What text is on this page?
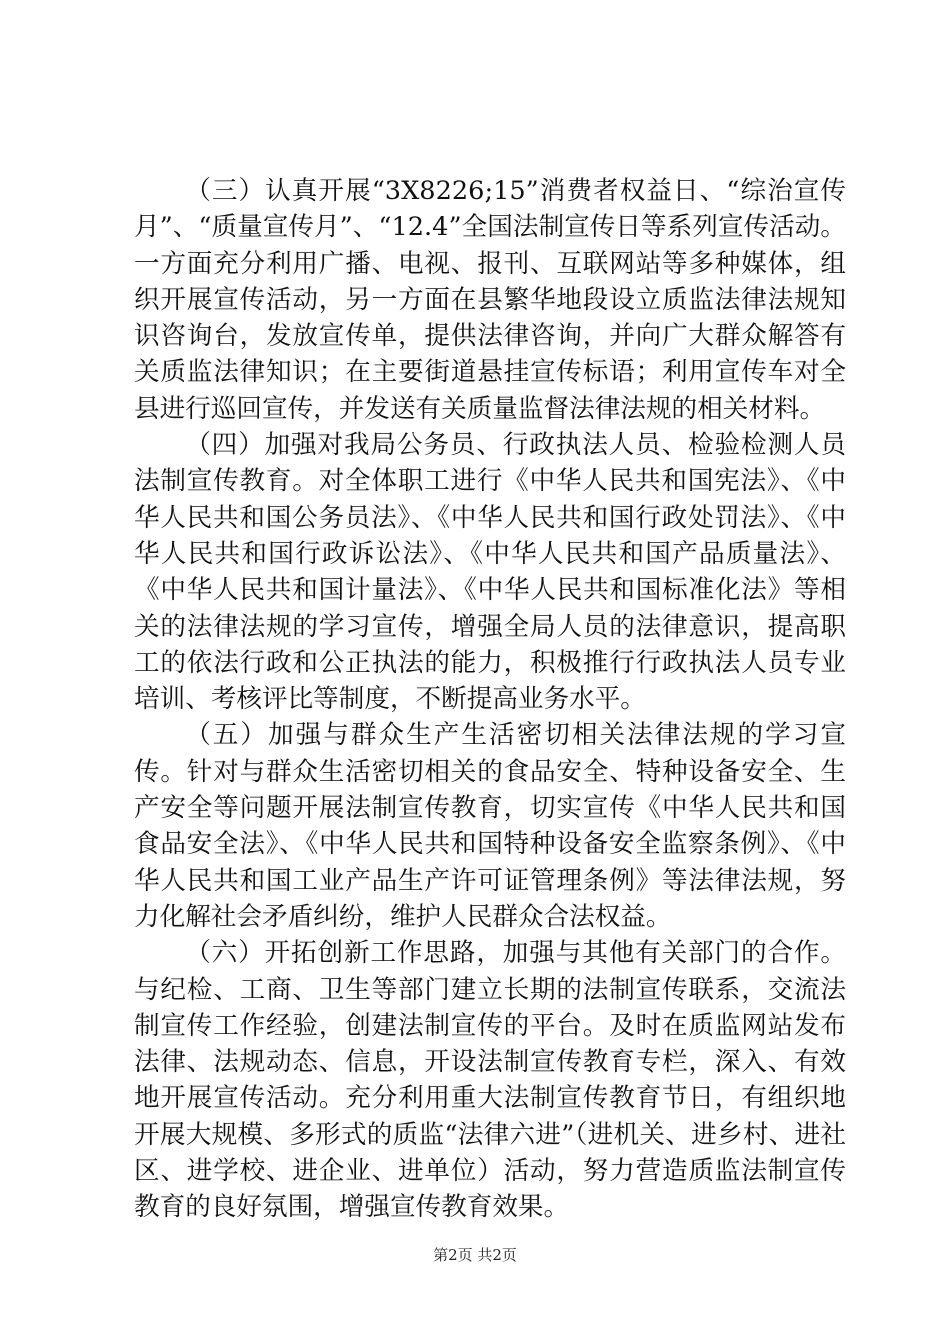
（三）认真开展“3X8226;15”消费者权益日、“综治宣传月”、“质量宣传月”、“12.4”全国法制宣传日等系列宣传活动。一方面充分利用广播、电视、报刊、互联网站等多种媒体，组织开展宣传活动，另一方面在县繁华地段设立质监法律法规知识咨询台，发放宣传单，提供法律咨询，并向广大群众解答有关质监法律知识；在主要街道悬挂宣传标语；利用宣传车对全县进行巡回宣传，并发送有关质量监督法律法规的相关材料。

（四）加强对我局公务员、行政执法人员、检验检测人员法制宣传教育。对全体职工进行《中华人民共和国宪法》、《中华人民共和国公务员法》、《中华人民共和国行政处罚法》、《中华人民共和国行政诉讼法》、《中华人民共和国产品质量法》、《中华人民共和国计量法》、《中华人民共和国标准化法》等相关的法律法规的学习宣传，增强全局人员的法律意识，提高职工的依法行政和公正执法的能力，积极推行行政执法人员专业培训、考核评比等制度，不断提高业务水平。

（五）加强与群众生产生活密切相关法律法规的学习宣传。针对与群众生活密切相关的食品安全、特种设备安全、生产安全等问题开展法制宣传教育，切实宣传《中华人民共和国食品安全法》、《中华人民共和国特种设备安全监察条例》、《中华人民共和国工业产品生产许可证管理条例》等法律法规，努力化解社会矛盾纠纷，维护人民群众合法权益。

（六）开拓创新工作思路，加强与其他有关部门的合作。与纪检、工商、卫生等部门建立长期的法制宣传联系，交流法制宣传工作经验，创建法制宣传的平台。及时在质监网站发布法律、法规动态、信息，开设法制宣传教育专栏，深入、有效地开展宣传活动。充分利用重大法制宣传教育节日，有组织地开展大规模、多形式的质监“法律六进”（进机关、进乡村、进社区、进学校、进企业、进单位）活动，努力营造质监法制宣传教育的良好氛围，增强宣传教育效果。

第2页 共2页
